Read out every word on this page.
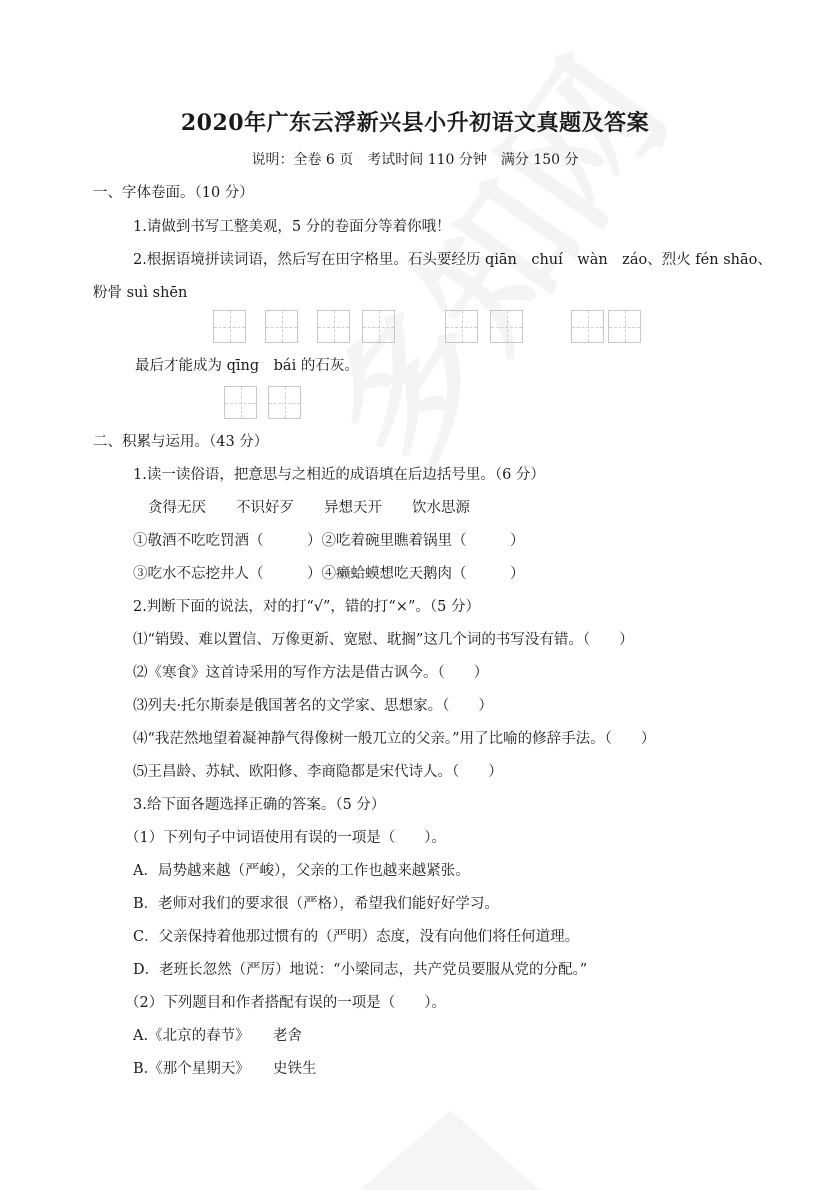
2020年广东云浮新兴县小升初语文真题及答案
说明：全卷 6 页　考试时间 110 分钟　满分 150 分
一、字体卷面。（10 分）
1.请做到书写工整美观，5 分的卷面分等着你哦！
2.根据语境拼读词语，然后写在田字格里。石头要经历 qiān　chuí　wàn　záo、烈火 fén shāo、
粉骨 suì shēn
最后才能成为 qīng　bái 的石灰。
二、积累与运用。（43 分）
1.读一读俗语，把意思与之相近的成语填在后边括号里。（6 分）
贪得无厌 不识好歹 异想天开 饮水思源
①敬酒不吃吃罚酒（　　　）②吃着碗里瞧着锅里（　　　）
③吃水不忘挖井人（　　　）④癞蛤蟆想吃天鹅肉（　　　）
2.判断下面的说法，对的打“√”，错的打“×”。（5 分）
⑴“销毁、难以置信、万像更新、宽慰、耽搁”这几个词的书写没有错。（　　）
⑵《寒食》这首诗采用的写作方法是借古讽今。（　　）
⑶列夫·托尔斯泰是俄国著名的文学家、思想家。（　　）
⑷“我茫然地望着凝神静气得像树一般兀立的父亲。”用了比喻的修辞手法。（　　）
⑸王昌龄、苏轼、欧阳修、李商隐都是宋代诗人。（　　）
3.给下面各题选择正确的答案。（5 分）
（1）下列句子中词语使用有误的一项是（　　）。
A．局势越来越（严峻），父亲的工作也越来越紧张。
B．老师对我们的要求很（严格），希望我们能好好学习。
C．父亲保持着他那过惯有的（严明）态度，没有向他们将任何道理。
D．老班长忽然（严厉）地说：“小梁同志，共产党员要服从党的分配。”
（2）下列题目和作者搭配有误的一项是（　　）。
A.《北京的春节》 老舍
B.《那个星期天》 史铁生
